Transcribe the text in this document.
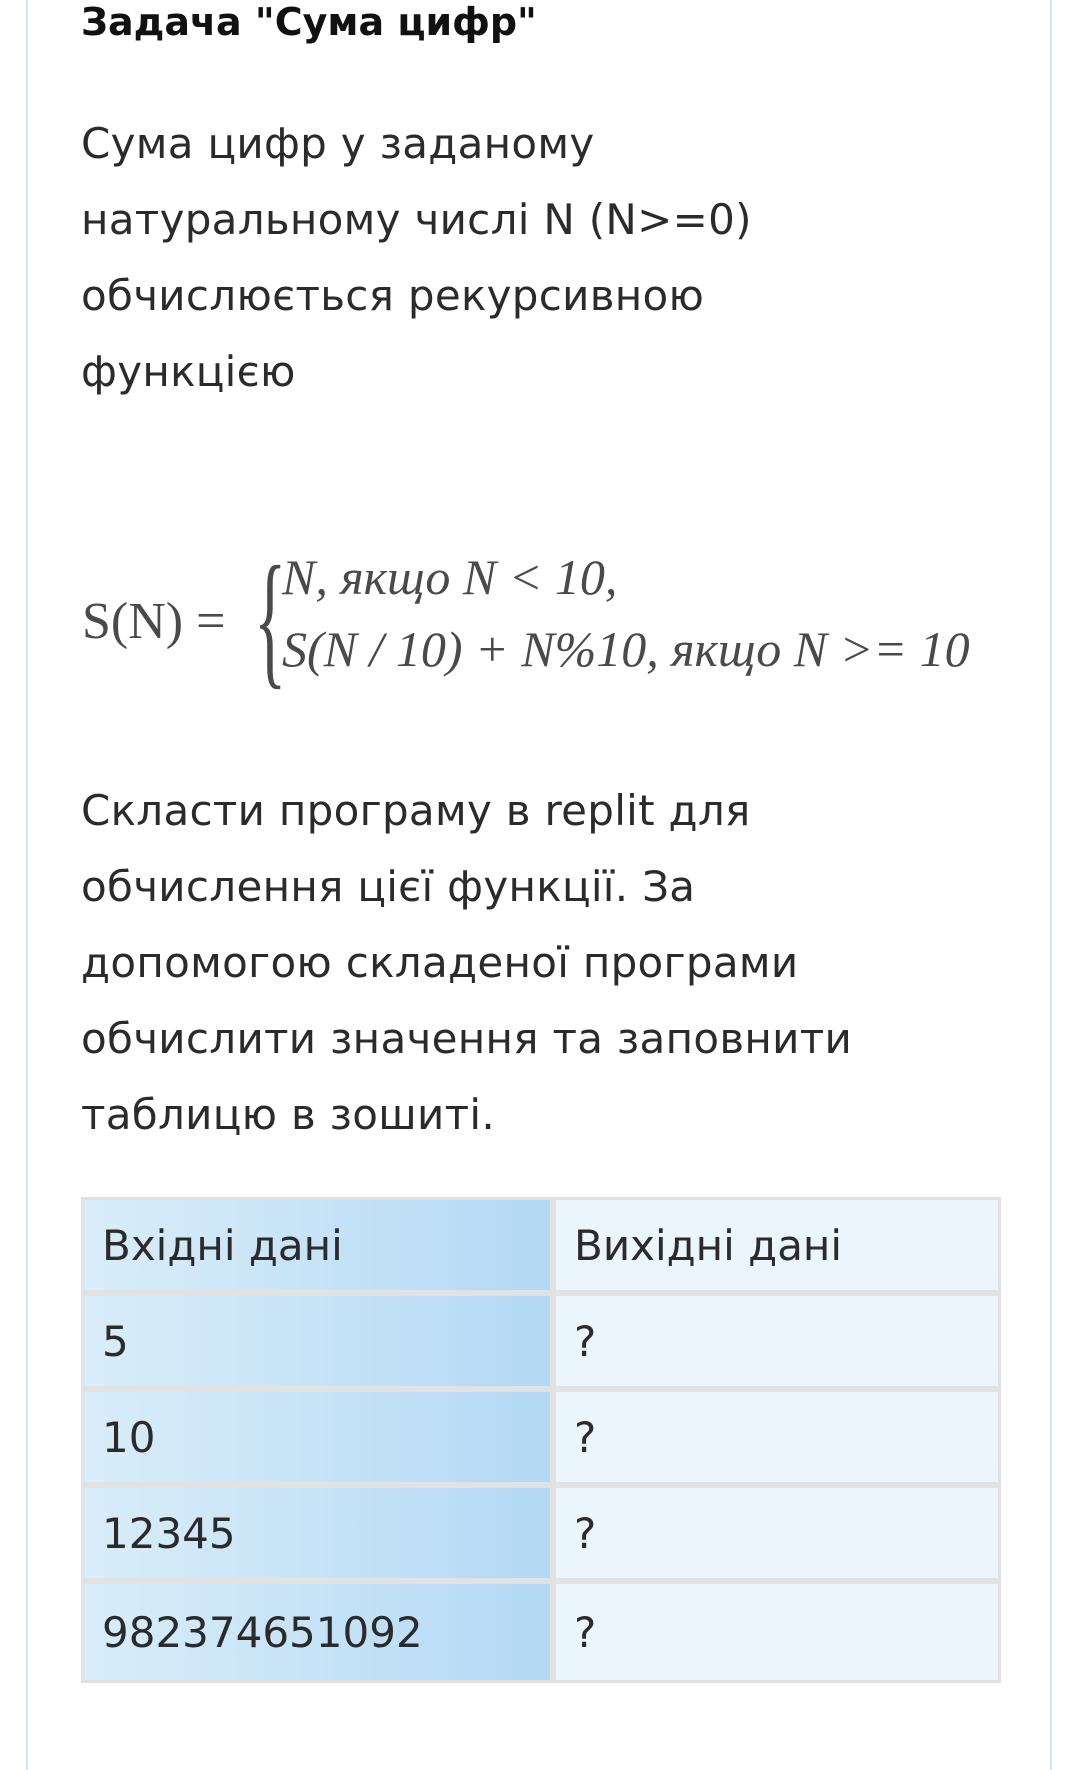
Задача "Сума цифр"
Сума цифр у заданому
натуральному числі N (N>=0)
обчислюється рекурсивною
функцією
S(N) = {
N, якщо N < 10,
S(N / 10) + N%10, якщо N >= 10
Скласти програму в replit для
обчислення цієї функції. За
допомогою складеної програми
обчислити значення та заповнити
таблицю в зошиті.
Вхідні дані	Вихідні дані
5	?
10	?
12345	?
982374651092	?
